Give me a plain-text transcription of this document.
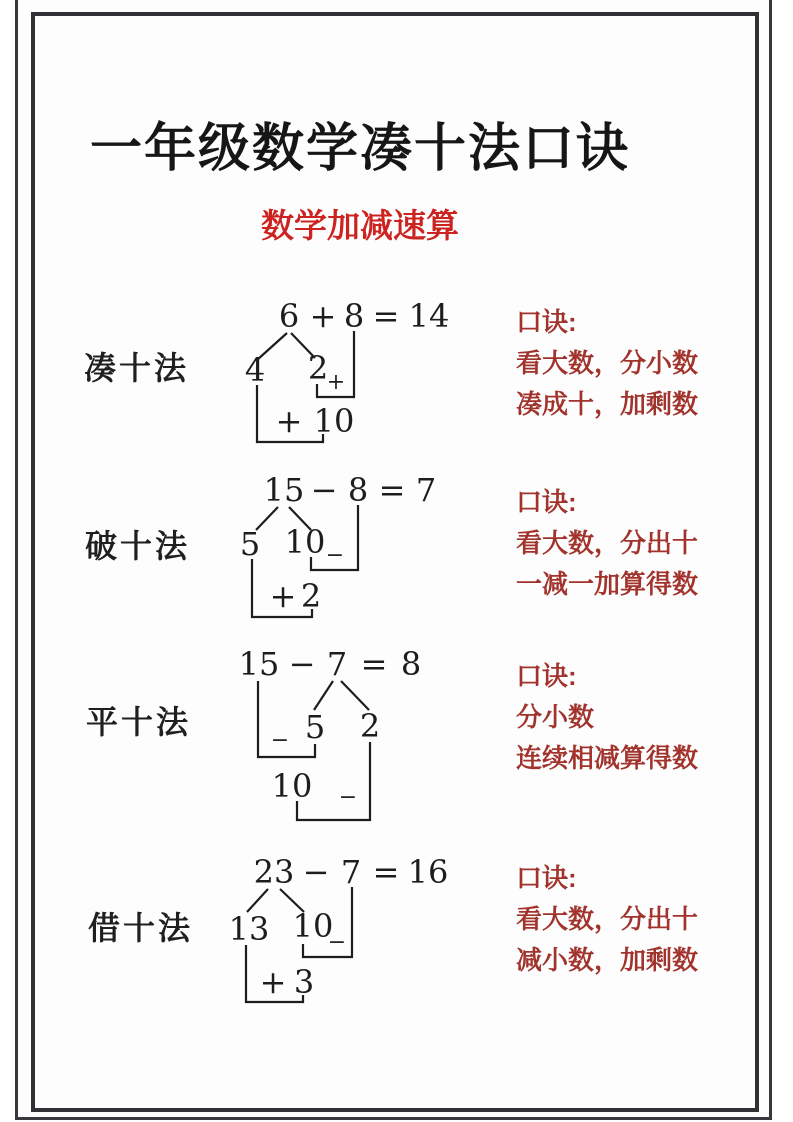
一年级数学凑十法口诀
数学加减速算
凑十法
6 + 8 = 14
4 2
+
+ 10
口诀:
看大数，分小数
凑成十，加剩数
破十法
15 − 8 = 7
5 10 −
+ 2
口诀:
看大数，分出十
一减一加算得数
平十法
15 − 7 = 8
− 5 2
10 −
口诀:
分小数
连续相减算得数
借十法
23 − 7 = 16
13 10
−
+ 3
口诀:
看大数，分出十
减小数，加剩数
